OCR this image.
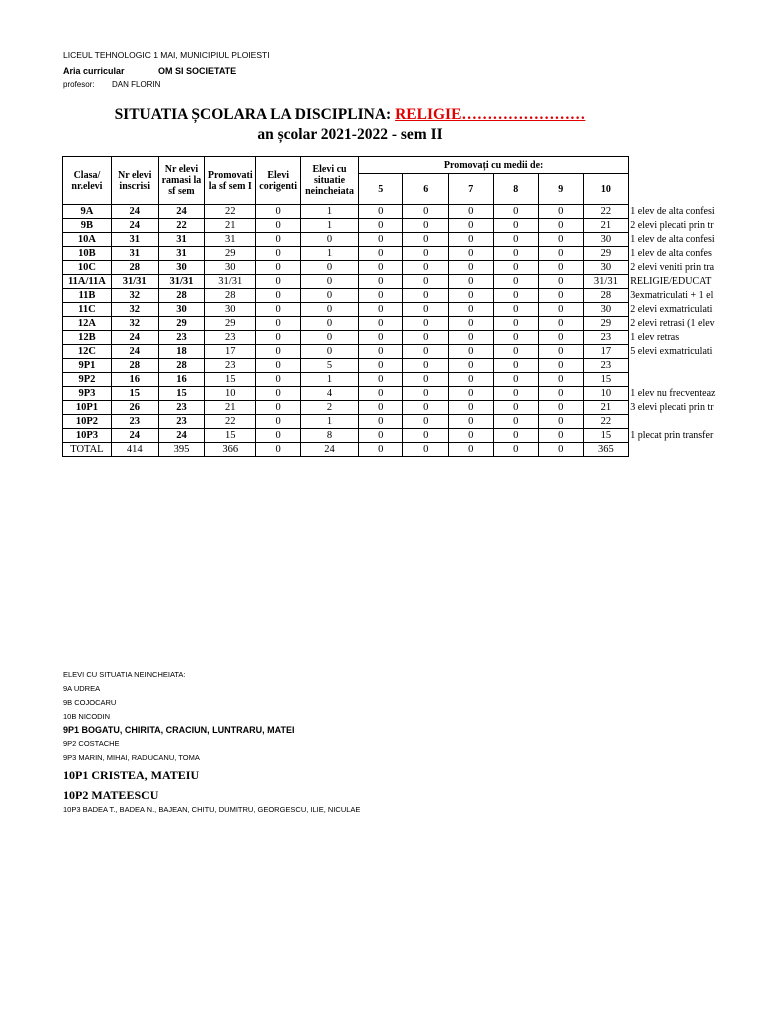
LICEUL TEHNOLOGIC 1 MAI, MUNICIPIUL PLOIESTI
Aria curricular	OM SI SOCIETATE
profesor: DAN FLORIN
SITUATIA ȘCOLARA LA DISCIPLINA: RELIGIE……………………
an școlar 2021-2022 - sem II
Clasa/ nr.elevi	Nr elevi inscrisi	Nr elevi ramasi la sf sem	Promovati la sf sem I	Elevi corigenti	Elevi cu situatie neincheiata	Promovați cu medii de:						
						5	6	7	8	9	10	
9A	24	24	22	0	1	0	0	0	0	0	22	1 elev de alta confesi
9B	24	22	21	0	1	0	0	0	0	0	21	2 elevi plecati prin tr
10A	31	31	31	0	0	0	0	0	0	0	30	1 elev de alta confesi
10B	31	31	29	0	1	0	0	0	0	0	29	1 elev de alta confes
10C	28	30	30	0	0	0	0	0	0	0	30	2 elevi veniti prin tra
11A/11A	31/31	31/31	31/31	0	0	0	0	0	0	0	31/31	RELIGIE/EDUCAT
11B	32	28	28	0	0	0	0	0	0	0	28	3exmatriculati + 1 el
11C	32	30	30	0	0	0	0	0	0	0	30	2 elevi exmatriculati
12A	32	29	29	0	0	0	0	0	0	0	29	2 elevi retrasi (1 elev
12B	24	23	23	0	0	0	0	0	0	0	23	1 elev retras
12C	24	18	17	0	0	0	0	0	0	0	17	5 elevi exmatriculati
9P1	28	28	23	0	5	0	0	0	0	0	23	
9P2	16	16	15	0	1	0	0	0	0	0	15	
9P3	15	15	10	0	4	0	0	0	0	0	10	1 elev nu frecventeaz
10P1	26	23	21	0	2	0	0	0	0	0	21	3 elevi plecati prin tr
10P2	23	23	22	0	1	0	0	0	0	0	22	
10P3	24	24	15	0	8	0	0	0	0	0	15	1 plecat prin transfer
TOTAL	414	395	366	0	24	0	0	0	0	0	365	
ELEVI CU SITUATIA NEINCHEIATA:
9A UDREA
9B COJOCARU
10B NICODIN
9P1 BOGATU, CHIRITA, CRACIUN, LUNTRARU, MATEI
9P2 COSTACHE
9P3 MARIN, MIHAI, RADUCANU, TOMA
10P1 CRISTEA, MATEIU
10P2 MATEESCU
10P3 BADEA T., BADEA N., BAJEAN, CHITU, DUMITRU, GEORGESCU, ILIE, NICULAE
